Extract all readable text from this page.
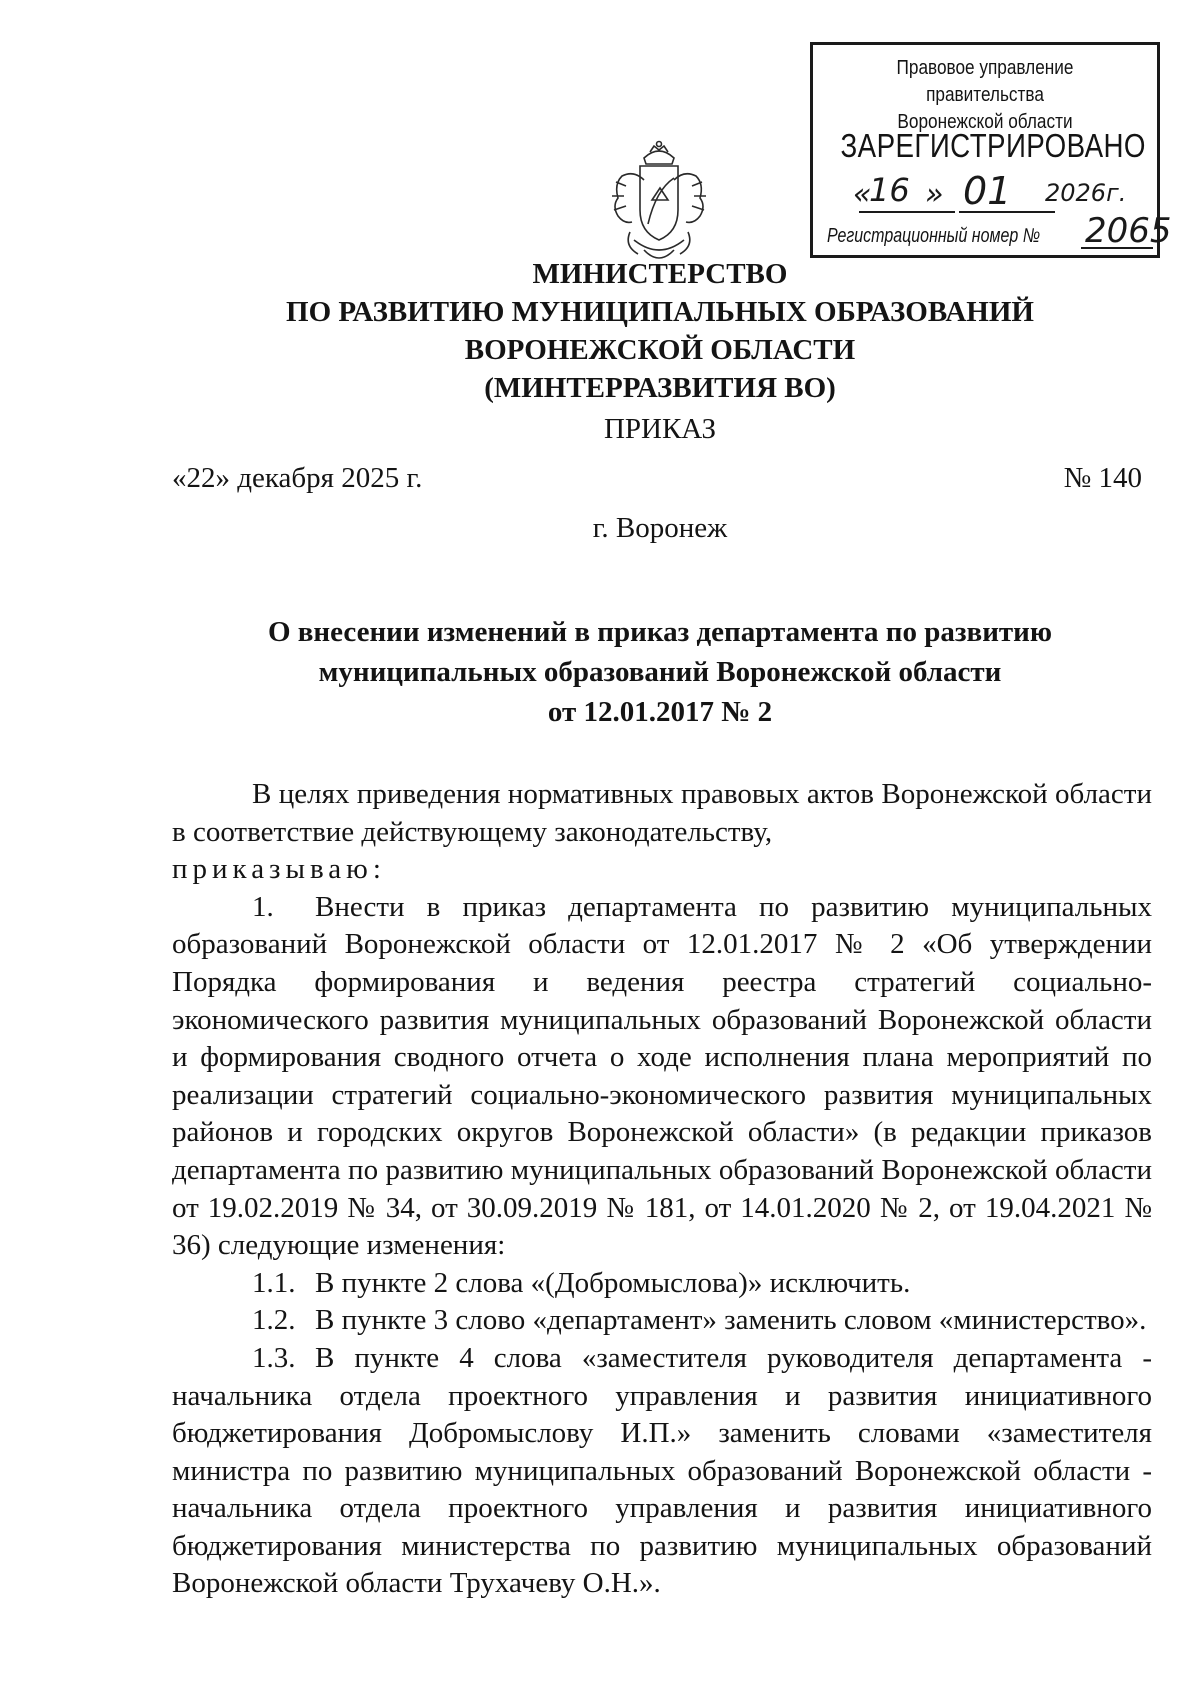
Правовое управление правительства
Воронежской области
ЗАРЕГИСТРИРОВАНО
«
16 » 01 2026г.
Регистрационный номер № 2065
МИНИСТЕРСТВО
ПО РАЗВИТИЮ МУНИЦИПАЛЬНЫХ ОБРАЗОВАНИЙ
ВОРОНЕЖСКОЙ ОБЛАСТИ
(МИНТЕРРАЗВИТИЯ ВО)
ПРИКАЗ
«22» декабря 2025 г.	№ 140
г. Воронеж
О внесении изменений в приказ департамента по развитию
муниципальных образований Воронежской области
от 12.01.2017 № 2

В целях приведения нормативных правовых актов Воронежской области в соответствие действующему законодательству,

приказываю:

1. Внести в приказ департамента по развитию муниципальных образований Воронежской области от 12.01.2017 № 2 «Об утверждении Порядка формирования и ведения реестра стратегий социально-экономического развития муниципальных образований Воронежской области и формирования сводного отчета о ходе исполнения плана мероприятий по реализации стратегий социально-экономического развития муниципальных районов и городских округов Воронежской области» (в редакции приказов департамента по развитию муниципальных образований Воронежской области от 19.02.2019 № 34, от 30.09.2019 № 181, от 14.01.2020 № 2, от 19.04.2021 № 36) следующие изменения:

1.1. В пункте 2 слова «(Добромыслова)» исключить.

1.2. В пункте 3 слово «департамент» заменить словом «министерство».

1.3. В пункте 4 слова «заместителя руководителя департамента - начальника отдела проектного управления и развития инициативного бюджетирования Добромыслову И.П.» заменить словами «заместителя министра по развитию муниципальных образований Воронежской области - начальника отдела проектного управления и развития инициативного бюджетирования министерства по развитию муниципальных образований Воронежской области Трухачеву О.Н.».
